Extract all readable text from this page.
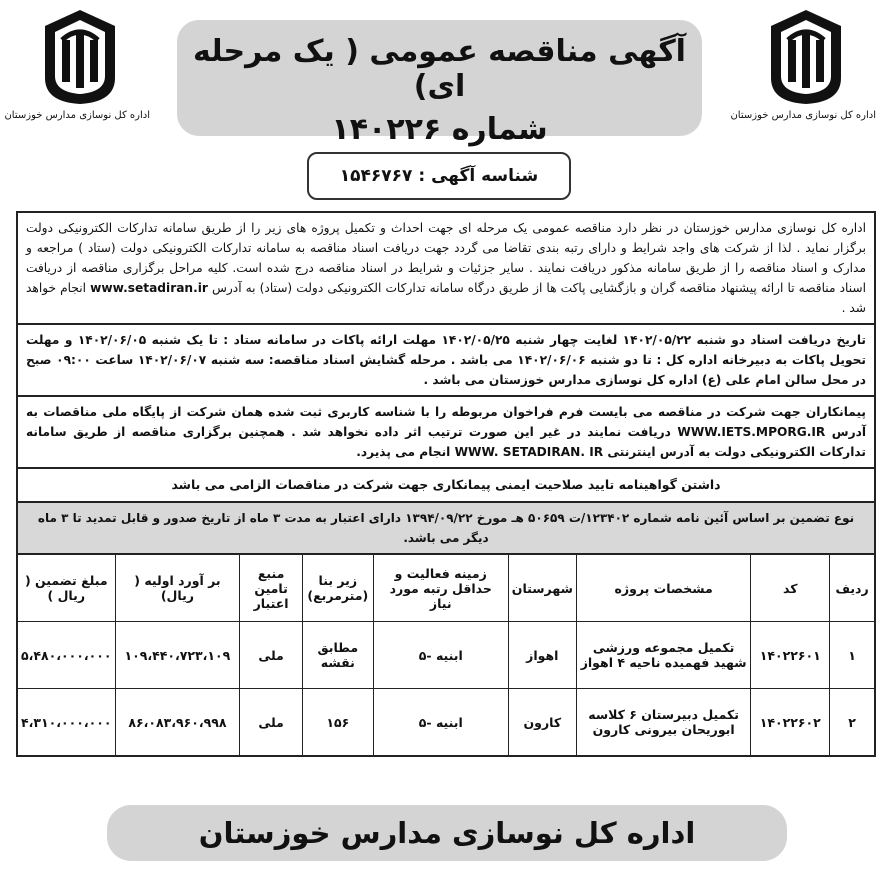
اداره کل نوسازی مدارس خوزستان
اداره کل نوسازی مدارس خوزستان
آگهی مناقصه عمومی ( یک مرحله ای)
شماره ۱۴۰۲۲۶
شناسه آگهی : ۱۵۴۶۷۶۷
اداره کل نوسازی مدارس خوزستان در نظر دارد مناقصه عمومی یک مرحله ای جهت احداث و تکمیل پروژه های زیر را از طریق سامانه تدارکات الکترونیکی دولت برگزار نماید . لذا از شرکت های واجد شرایط و دارای رتبه بندی تقاضا می گردد جهت دریافت اسناد مناقصه به سامانه تدارکات الکترونیکی دولت (ستاد ) مراجعه و مدارک و اسناد مناقصه را از طریق سامانه مذکور دریافت نمایند . سایر جزئیات و شرایط در اسناد مناقصه درج شده است. کلیه مراحل برگزاری مناقصه از دریافت اسناد مناقصه تا ارائه پیشنهاد مناقصه گران و بازگشایی پاکت ها از طریق درگاه سامانه تدارکات الکترونیکی دولت (ستاد) به آدرس www.setadiran.ir انجام خواهد شد .
تاریخ دریافت اسناد دو شنبه ۱۴۰۲/۰۵/۲۲ لغایت چهار شنبه ۱۴۰۲/۰۵/۲۵ مهلت ارائه پاکات در سامانه ستاد : تا یک شنبه ۱۴۰۲/۰۶/۰۵ و مهلت تحویل پاکات به دبیرخانه اداره کل : تا دو شنبه ۱۴۰۲/۰۶/۰۶ می باشد . مرحله گشایش اسناد مناقصه: سه شنبه ۱۴۰۲/۰۶/۰۷ ساعت ۰۹:۰۰ صبح در محل سالن امام علی (ع) اداره کل نوسازی مدارس خوزستان می باشد .
پیمانکاران جهت شرکت در مناقصه می بایست فرم فراخوان مربوطه را با شناسه کاربری ثبت شده همان شرکت از پایگاه ملی مناقصات به آدرس WWW.IETS.MPORG.IR دریافت نمایند در غیر این صورت ترتیب اثر داده نخواهد شد . همچنین برگزاری مناقصه از طریق سامانه تدارکات الکترونیکی دولت به آدرس اینترنتی WWW. SETADIRAN. IR انجام می پذیرد.
داشتن گواهینامه تایید صلاحیت ایمنی پیمانکاری جهت شرکت در مناقصات الزامی می باشد
نوع تضمین بر اساس آئین نامه شماره ۱۲۳۴۰۲/ت ۵۰۶۵۹ هـ مورخ ۱۳۹۴/۰۹/۲۲ دارای اعتبار به مدت ۳ ماه از تاریخ صدور و قابل تمدید تا ۳ ماه دیگر می باشد.
ردیف	کد	مشخصات پروژه	شهرستان	زمینه فعالیت و حداقل رتبه مورد نیاز	زیر بنا (مترمربع)	منبع تامین اعتبار	بر آورد اولیه ( ریال)	مبلغ تضمین ( ریال )
۱	۱۴۰۲۲۶۰۱	تکمیل مجموعه ورزشی شهید فهمیده ناحیه ۴ اهواز	اهواز	ابنیه -۵	مطابق نقشه	ملی	۱۰۹،۴۴۰،۷۲۳،۱۰۹	۵،۴۸۰،۰۰۰،۰۰۰
۲	۱۴۰۲۲۶۰۲	تکمیل دبیرستان ۶ کلاسه ابوریحان بیرونی کارون	کارون	ابنیه -۵	۱۵۶	ملی	۸۶،۰۸۳،۹۶۰،۹۹۸	۴،۳۱۰،۰۰۰،۰۰۰
اداره کل نوسازی مدارس خوزستان
